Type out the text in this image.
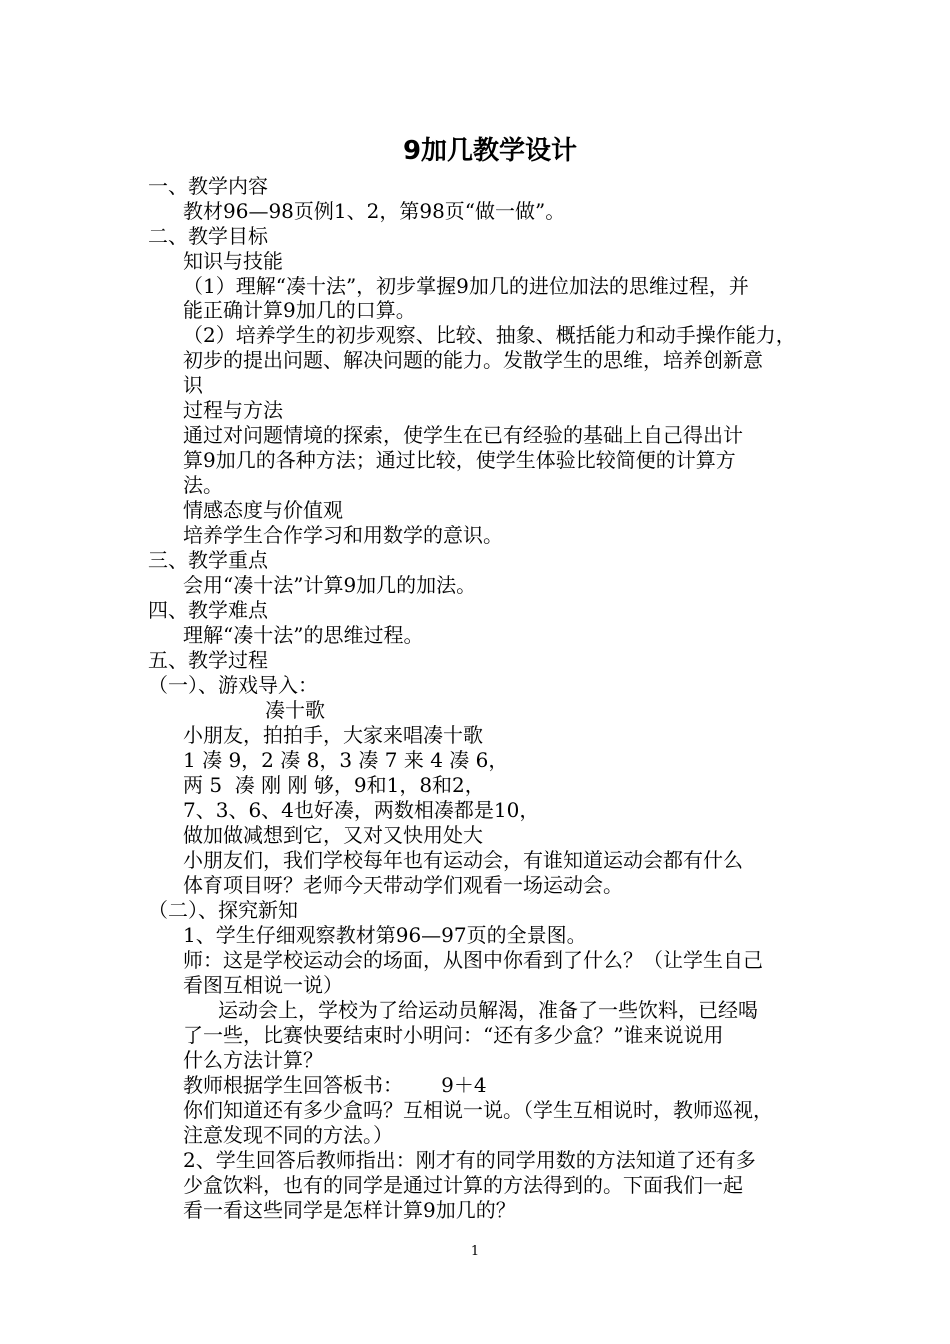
9加几教学设计
一、教学内容
教材96—98页例1、2，第98页“做一做”。
二、教学目标
知识与技能
（1）理解“凑十法”，初步掌握9加几的进位加法的思维过程，并
能正确计算9加几的口算。
（2）培养学生的初步观察、比较、抽象、概括能力和动手操作能力，
初步的提出问题、解决问题的能力。发散学生的思维，培养创新意
识
过程与方法
通过对问题情境的探索，使学生在已有经验的基础上自己得出计
算9加几的各种方法；通过比较，使学生体验比较简便的计算方
法。
情感态度与价值观
培养学生合作学习和用数学的意识。
三、教学重点
会用“凑十法”计算9加几的加法。
四、教学难点
理解“凑十法”的思维过程。
五、教学过程
（一）、游戏导入：
凑十歌
小朋友，拍拍手，大家来唱凑十歌
1 凑 9，2 凑 8，3 凑 7 来 4 凑 6，
两 5  凑 刚 刚 够，9和1，8和2，
7、3、6、4也好凑，两数相凑都是10，
做加做减想到它，又对又快用处大
小朋友们，我们学校每年也有运动会，有谁知道运动会都有什么
体育项目呀？老师今天带动学们观看一场运动会。
（二）、探究新知
1、学生仔细观察教材第96—97页的全景图。
师：这是学校运动会的场面，从图中你看到了什么？（让学生自己
看图互相说一说）
运动会上，学校为了给运动员解渴，准备了一些饮料，已经喝
了一些，比赛快要结束时小明问：“还有多少盒？”谁来说说用
什么方法计算？
教师根据学生回答板书：      9＋4
你们知道还有多少盒吗？互相说一说。（学生互相说时，教师巡视，
注意发现不同的方法。）
2、学生回答后教师指出：刚才有的同学用数的方法知道了还有多
少盒饮料，也有的同学是通过计算的方法得到的。下面我们一起
看一看这些同学是怎样计算9加几的？
1
